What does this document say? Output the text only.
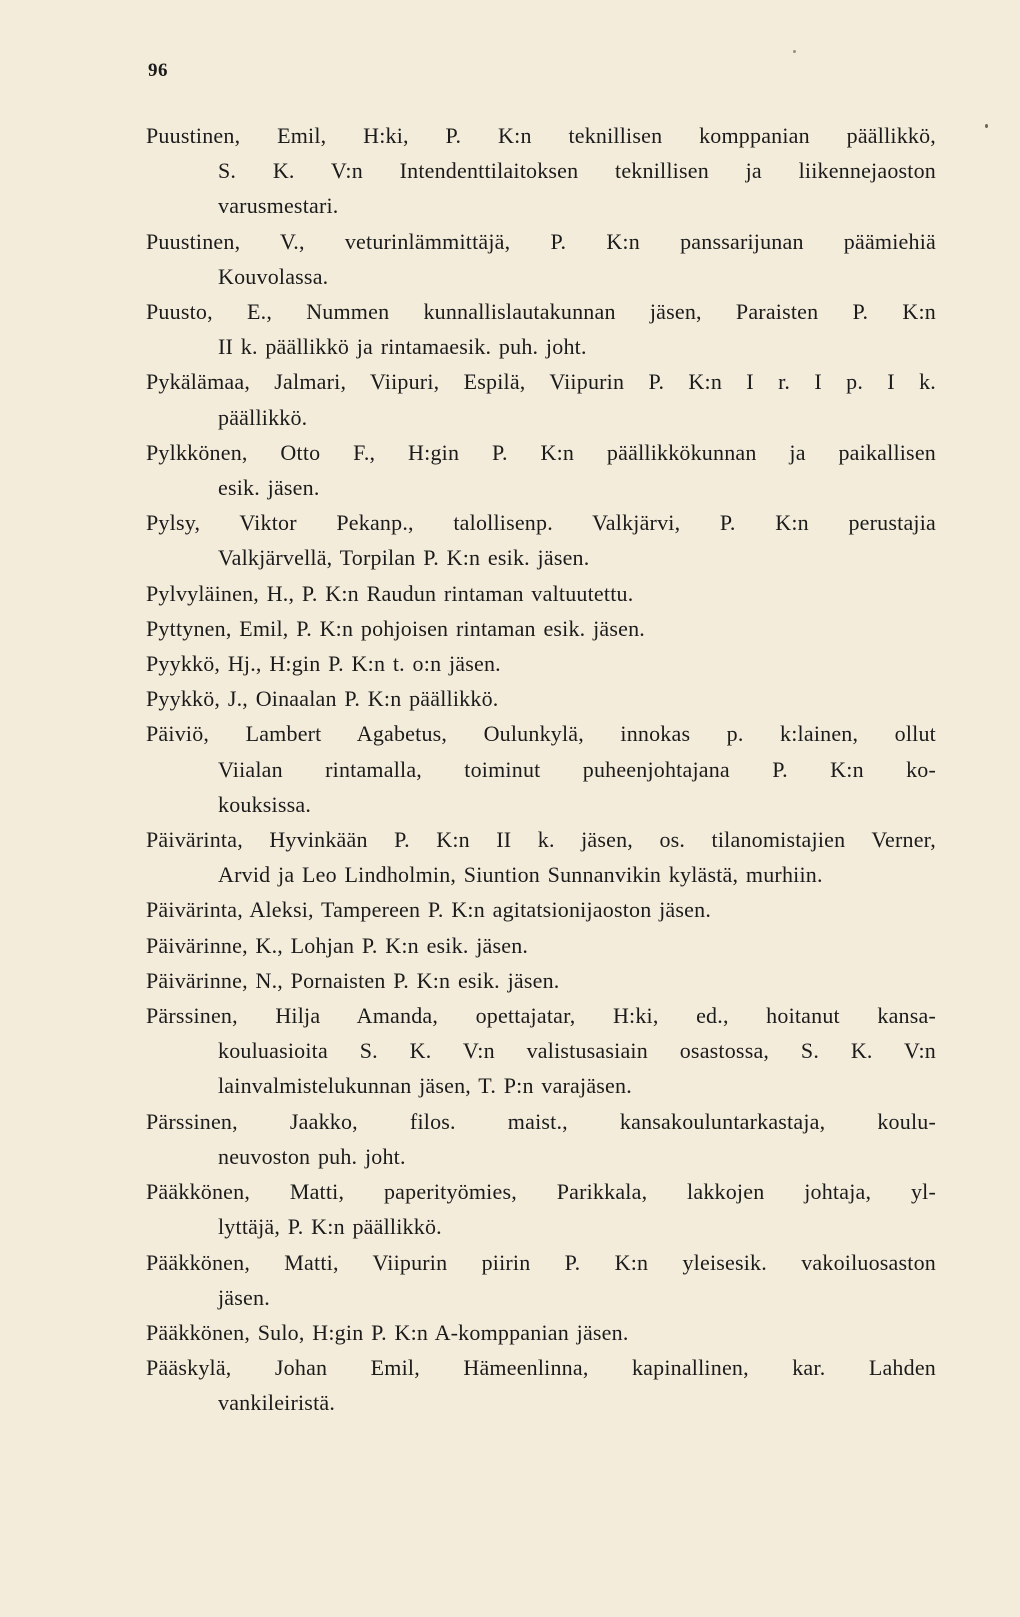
96

Puustinen, Emil, H:ki, P. K:n teknillisen komppanian päällikkö,
S. K. V:n Intendenttilaitoksen teknillisen ja liikennejaoston
varusmestari.

Puustinen, V., veturinlämmittäjä, P. K:n panssarijunan päämiehiä
Kouvolassa.

Puusto, E., Nummen kunnallislautakunnan jäsen, Paraisten P. K:n
II k. päällikkö ja rintamaesik. puh. joht.

Pykälämaa, Jalmari, Viipuri, Espilä, Viipurin P. K:n I r. I p. I k.
päällikkö.

Pylkkönen, Otto F., H:gin P. K:n päällikkökunnan ja paikallisen
esik. jäsen.

Pylsy, Viktor Pekanp., talollisenp. Valkjärvi, P. K:n perustajia
Valkjärvellä, Torpilan P. K:n esik. jäsen.

Pylvyläinen, H., P. K:n Raudun rintaman valtuutettu.

Pyttynen, Emil, P. K:n pohjoisen rintaman esik. jäsen.

Pyykkö, Hj., H:gin P. K:n t. o:n jäsen.

Pyykkö, J., Oinaalan P. K:n päällikkö.

Päiviö, Lambert Agabetus, Oulunkylä, innokas p. k:lainen, ollut
Viialan rintamalla, toiminut puheenjohtajana P. K:n ko-
kouksissa.

Päivärinta, Hyvinkään P. K:n II k. jäsen, os. tilanomistajien Verner,
Arvid ja Leo Lindholmin, Siuntion Sunnanvikin kylästä, murhiin.

Päivärinta, Aleksi, Tampereen P. K:n agitatsionijaoston jäsen.

Päivärinne, K., Lohjan P. K:n esik. jäsen.

Päivärinne, N., Pornaisten P. K:n esik. jäsen.

Pärssinen, Hilja Amanda, opettajatar, H:ki, ed., hoitanut kansa-
kouluasioita S. K. V:n valistusasiain osastossa, S. K. V:n
lainvalmistelukunnan jäsen, T. P:n varajäsen.

Pärssinen, Jaakko, filos. maist., kansakouluntarkastaja, koulu-
neuvoston puh. joht.

Pääkkönen, Matti, paperityömies, Parikkala, lakkojen johtaja, yl-
lyttäjä, P. K:n päällikkö.

Pääkkönen, Matti, Viipurin piirin P. K:n yleisesik. vakoiluosaston
jäsen.

Pääkkönen, Sulo, H:gin P. K:n A-komppanian jäsen.

Pääskylä, Johan Emil, Hämeenlinna, kapinallinen, kar. Lahden
vankileiristä.
